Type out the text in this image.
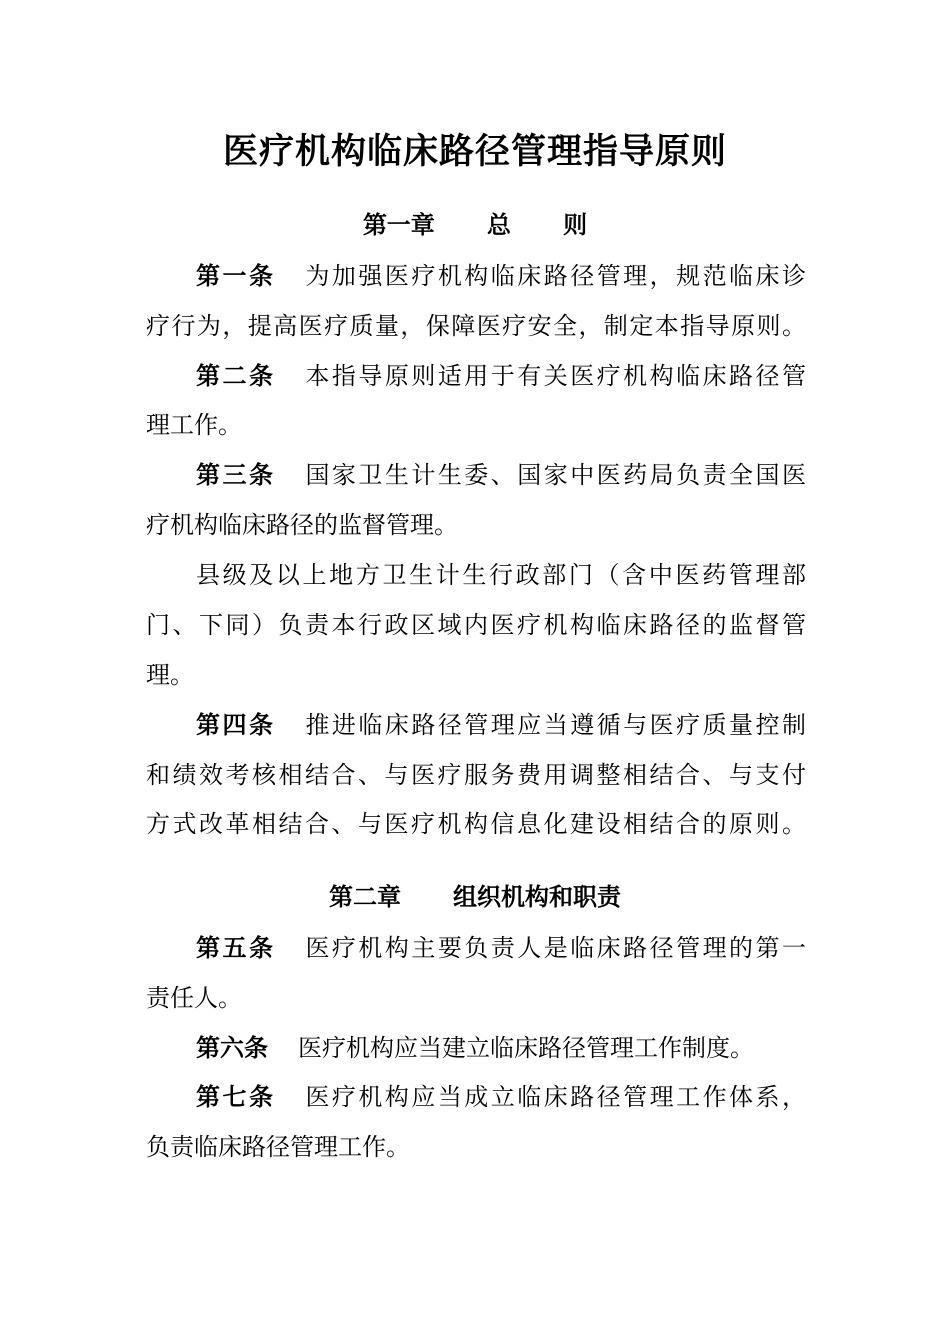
医疗机构临床路径管理指导原则
第一章 总 则
第一条 为加强医疗机构临床路径管理，规范临床诊
疗行为，提高医疗质量，保障医疗安全，制定本指导原则。
第二条 本指导原则适用于有关医疗机构临床路径管
理工作。
第三条 国家卫生计生委、国家中医药局负责全国医
疗机构临床路径的监督管理。
县级及以上地方卫生计生行政部门（含中医药管理部
门、下同）负责本行政区域内医疗机构临床路径的监督管
理。
第四条 推进临床路径管理应当遵循与医疗质量控制
和绩效考核相结合、与医疗服务费用调整相结合、与支付
方式改革相结合、与医疗机构信息化建设相结合的原则。
第二章 组织机构和职责
第五条 医疗机构主要负责人是临床路径管理的第一
责任人。
第六条 医疗机构应当建立临床路径管理工作制度。
第七条 医疗机构应当成立临床路径管理工作体系，
负责临床路径管理工作。
